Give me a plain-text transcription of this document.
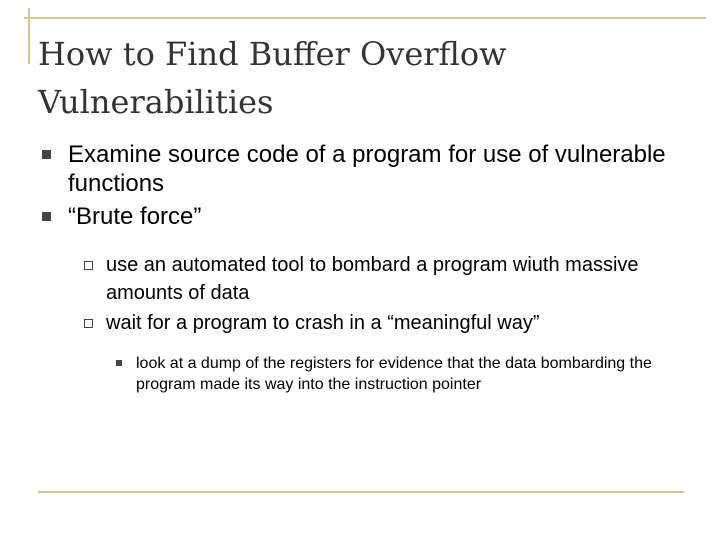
How to Find Buffer Overflow Vulnerabilities
Examine source code of a program for use of vulnerable functions
“Brute force”
use an automated tool to bombard a program wiuth massive amounts of data
wait for a program to crash in a “meaningful way”
look at a dump of the registers for evidence that the data bombarding the program made its way into the instruction pointer
